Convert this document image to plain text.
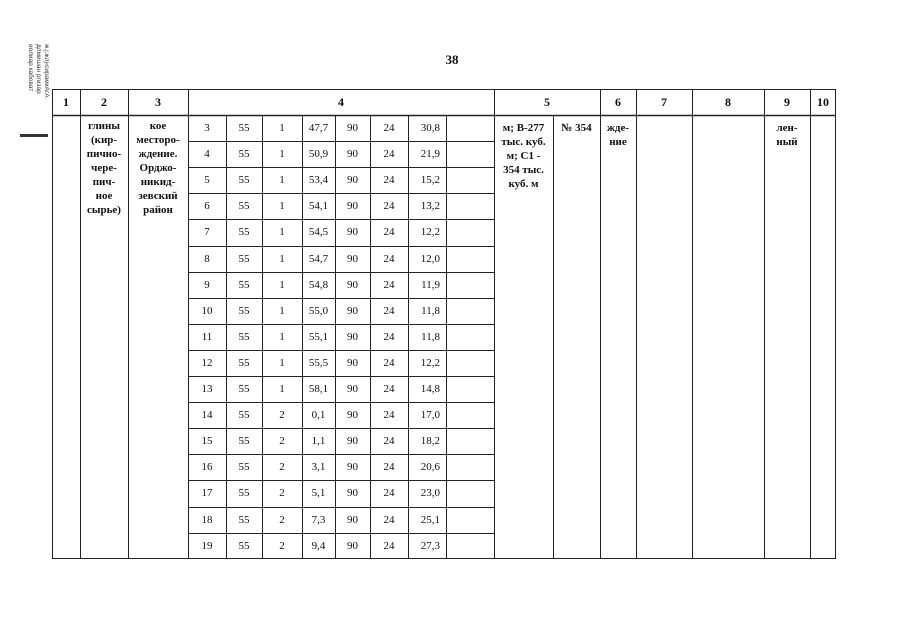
38
ж.ј.жлј‹сирамкАгА
длмишан ргизар
иолиар кабоват
1	2	3	4	5	6	7	8	9	10
глины
(кир-
пично-
чере-
пич-
ное
сырье)
кое
месторо-
ждение.
Орджо-
никид-
зевский
район
м; В-277
тыс. куб.
м; С1 -
354 тыс.
куб. м
№ 354	жде-
ние
лен-
ный
3	55	1	47,7	90	24	30,8
4	55	1	50,9	90	24	21,9
5	55	1	53,4	90	24	15,2
6	55	1	54,1	90	24	13,2
7	55	1	54,5	90	24	12,2
8	55	1	54,7	90	24	12,0
9	55	1	54,8	90	24	11,9
10	55	1	55,0	90	24	11,8
11	55	1	55,1	90	24	11,8
12	55	1	55,5	90	24	12,2
13	55	1	58,1	90	24	14,8
14	55	2	0,1	90	24	17,0
15	55	2	1,1	90	24	18,2
16	55	2	3,1	90	24	20,6
17	55	2	5,1	90	24	23,0
18	55	2	7,3	90	24	25,1
19	55	2	9,4	90	24	27,3
